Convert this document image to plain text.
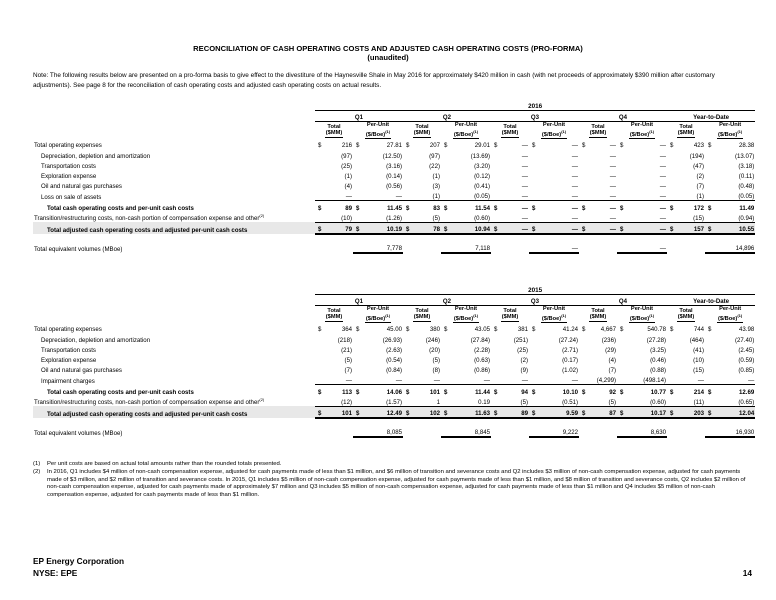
RECONCILIATION OF CASH OPERATING COSTS AND ADJUSTED CASH OPERATING COSTS (PRO-FORMA)
(unaudited)
Note: The following results below are presented on a pro-forma basis to give effect to the divestiture of the Haynesville Shale in May 2016 for approximately $420 million in cash (with net proceeds of approximately $390 million after customary adjustments). See page 8 for the reconciliation of cash operating costs and adjusted cash operating costs on actual results.
	2016																			
	Q1				Q2				Q3				Q4				Year-to-Date			
	Total
($MM)		Per-Unit
($/Boe)$^{(1)}$		Total
($MM)		Per-Unit
($/Boe)$^{(1)}$		Total
($MM)		Per-Unit
($/Boe)$^{(1)}$		Total
($MM)		Per-Unit
($/Boe)$^{(1)}$		Total
($MM)		Per-Unit
($/Boe)$^{(1)}$
Total operating expenses	$	216	$	27.81	$	207	$	29.01	$	—	$	—	$	—	$	—	$	423	$	28.38
Depreciation, depletion and amortization		(97)		(12.50)		(97)		(13.69)		—		—		—		—		(194)		(13.07)
Transportation costs		(25)		(3.16)		(22)		(3.20)		—		—		—		—		(47)		(3.18)
Exploration expense		(1)		(0.14)		(1)		(0.12)		—		—		—		—		(2)		(0.11)
Oil and natural gas purchases		(4)		(0.56)		(3)		(0.41)		—		—		—		—		(7)		(0.48)
Loss on sale of assets		—		—		(1)		(0.05)		—		—		—		—		(1)		(0.05)
Total cash operating costs and per-unit cash costs	$	89	$	11.45	$	83	$	11.54	$	—	$	—	$	—	$	—	$	172	$	11.49
Transition/restructuring costs, non-cash portion of compensation expense and other$^{(2)}$		(10)		(1.26)		(5)		(0.60)		—		—		—		—		(15)		(0.94)
Total adjusted cash operating costs and adjusted per-unit cash costs	$	79	$	10.19	$	78	$	10.94	$	—	$	—	$	—	$	—	$	157	$	10.55

Total equivalent volumes (MBoe)				7,778				7,118				—				—				14,896
	2015																			
	Q1				Q2				Q3				Q4				Year-to-Date			
	Total
($MM)		Per-Unit
($/Boe)$^{(1)}$		Total
($MM)		Per-Unit
($/Boe)$^{(1)}$		Total
($MM)		Per-Unit
($/Boe)$^{(1)}$		Total
($MM)		Per-Unit
($/Boe)$^{(1)}$		Total
($MM)		Per-Unit
($/Boe)$^{(1)}$
Total operating expenses	$	364	$	45.00	$	380	$	43.05	$	381	$	41.24	$	4,667	$	540.78	$	744	$	43.98
Depreciation, depletion and amortization		(218)		(26.93)		(246)		(27.84)		(251)		(27.24)		(236)		(27.28)		(464)		(27.40)
Transportation costs		(21)		(2.63)		(20)		(2.28)		(25)		(2.71)		(29)		(3.25)		(41)		(2.45)
Exploration expense		(5)		(0.54)		(5)		(0.63)		(2)		(0.17)		(4)		(0.46)		(10)		(0.59)
Oil and natural gas purchases		(7)		(0.84)		(8)		(0.86)		(9)		(1.02)		(7)		(0.88)		(15)		(0.85)
Impairment charges		—		—		—		—		—		—		(4,299)		(498.14)		—		—
Total cash operating costs and per-unit cash costs	$	113	$	14.06	$	101	$	11.44	$	94	$	10.10	$	92	$	10.77	$	214	$	12.69
Transition/restructuring costs, non-cash portion of compensation expense and other$^{(2)}$		(12)		(1.57)		1		0.19		(5)		(0.51)		(5)		(0.60)		(11)		(0.65)
Total adjusted cash operating costs and adjusted per-unit cash costs	$	101	$	12.49	$	102	$	11.63	$	89	$	9.59	$	87	$	10.17	$	203	$	12.04

Total equivalent volumes (MBoe)				8,085				8,845				9,222				8,630				16,930
(1)	Per unit costs are based on actual total amounts rather than the rounded totals presented.
(2)	In 2016, Q1 includes $4 million of non-cash compensation expense, adjusted for cash payments made of less than $1 million, and $6 million of transition and severance costs and Q2 includes $3 million of non-cash compensation expense, adjusted for cash payments made of $3 million, and $2 million of transition and severance costs. In 2015, Q1 includes $5 million of non-cash compensation expense, adjusted for cash payments made of less than $1 million, and $8 million of transition and severance costs, Q2 includes $2 million of non-cash compensation expense, adjusted for cash payments made of approximately $7 million and Q3 includes $5 million of non-cash compensation expense, adjusted for cash payments made of less than $1 million and Q4 includes $5 million of non-cash compensation expense, adjusted for cash payments made of less than $1 million.
EP Energy Corporation
NYSE: EPE	14
